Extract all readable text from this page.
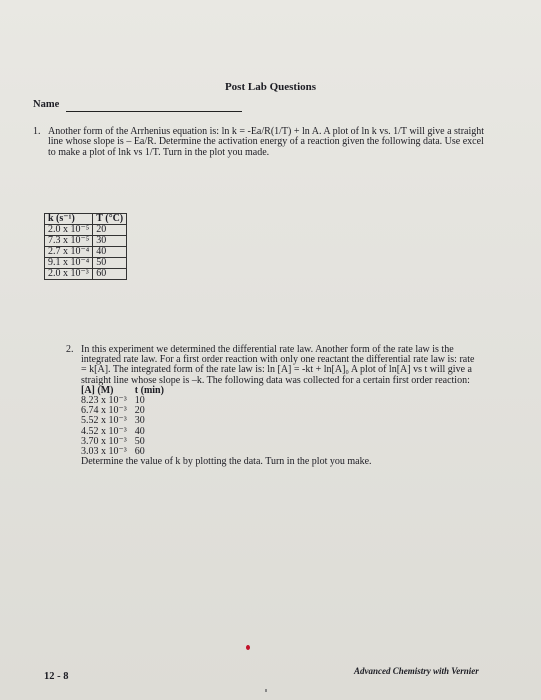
Post Lab Questions
Name
1. Another form of the Arrhenius equation is: ln k = -Ea/R(1/T) + ln A. A plot of ln k vs. 1/T will give a straight line whose slope is – Ea/R. Determine the activation energy of a reaction given the following data. Use excel to make a plot of lnk vs 1/T. Turn in the plot you made.
k (s⁻¹)	T (°C)
2.0 x 10⁻⁵	20
7.3 x 10⁻⁵	30
2.7 x 10⁻⁴	40
9.1 x 10⁻⁴	50
2.0 x 10⁻³	60
2. In this experiment we determined the differential rate law. Another form of the rate law is the integrated rate law. For a first order reaction with only one reactant the differential rate law is: rate = k[A]. The integrated form of the rate law is: ln [A] = -kt + ln[A]₀ A plot of ln[A] vs t will give a straight line whose slope is –k. The following data was collected for a certain first order reaction:
[A] (M)	t (min)
8.23 x 10⁻³	10
6.74 x 10⁻³	20
5.52 x 10⁻³	30
4.52 x 10⁻³	40
3.70 x 10⁻³	50
3.03 x 10⁻³	60
Determine the value of k by plotting the data. Turn in the plot you make.
12 - 8	Advanced Chemistry with Vernier
